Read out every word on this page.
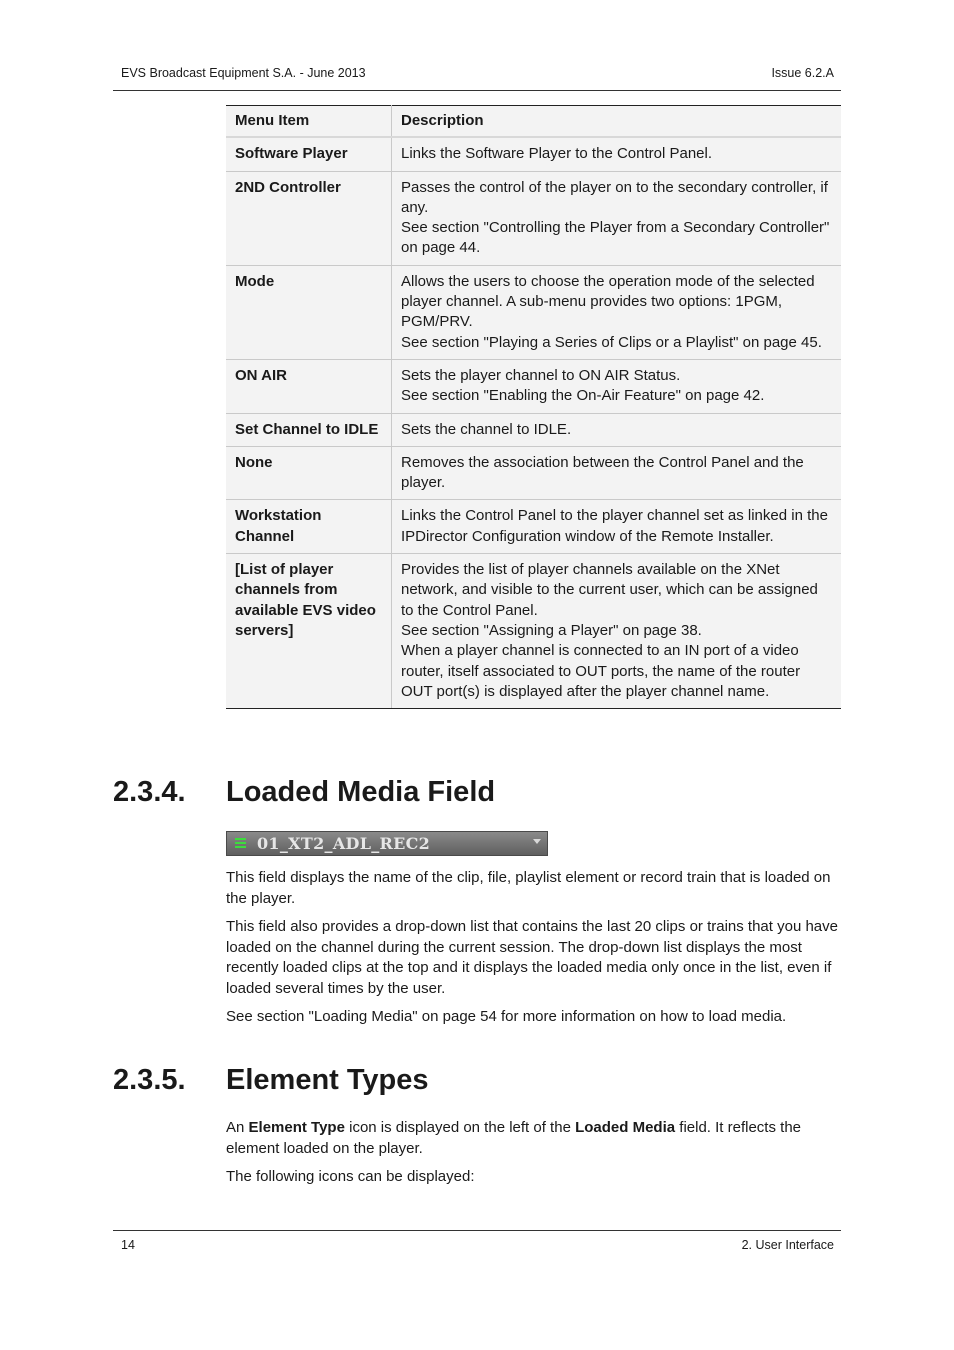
EVS Broadcast Equipment S.A. - June 2013	Issue 6.2.A
Menu Item	Description
Software Player	Links the Software Player to the Control Panel.

2ND Controller	Passes the control of the player on to the secondary controller, if any.
See section "Controlling the Player from a Secondary Controller" on page 44.

Mode	Allows the users to choose the operation mode of the selected player channel. A sub-menu provides two options: 1PGM, PGM/PRV.
See section "Playing a Series of Clips or a Playlist" on page 45.

ON AIR	Sets the player channel to ON AIR Status.
See section "Enabling the On-Air Feature" on page 42.

Set Channel to IDLE	Sets the channel to IDLE.

None	Removes the association between the Control Panel and the player.

Workstation Channel	Links the Control Panel to the player channel set as linked in the IPDirector Configuration window of the Remote Installer.

[List of player channels from available EVS video servers]	Provides the list of player channels available on the XNet network, and visible to the current user, which can be assigned to the Control Panel.
See section "Assigning a Player" on page 38.
When a player channel is connected to an IN port of a video router, itself associated to OUT ports, the name of the router OUT port(s) is displayed after the player channel name.
2.3.4. Loaded Media Field
01_XT2_ADL_REC2
This field displays the name of the clip, file, playlist element or record train that is loaded on the player.
This field also provides a drop-down list that contains the last 20 clips or trains that you have loaded on the channel during the current session. The drop-down list displays the most recently loaded clips at the top and it displays the loaded media only once in the list, even if loaded several times by the user.
See section "Loading Media" on page 54 for more information on how to load media.
2.3.5. Element Types
An Element Type icon is displayed on the left of the Loaded Media field. It reflects the element loaded on the player.
The following icons can be displayed:
14	2. User Interface
